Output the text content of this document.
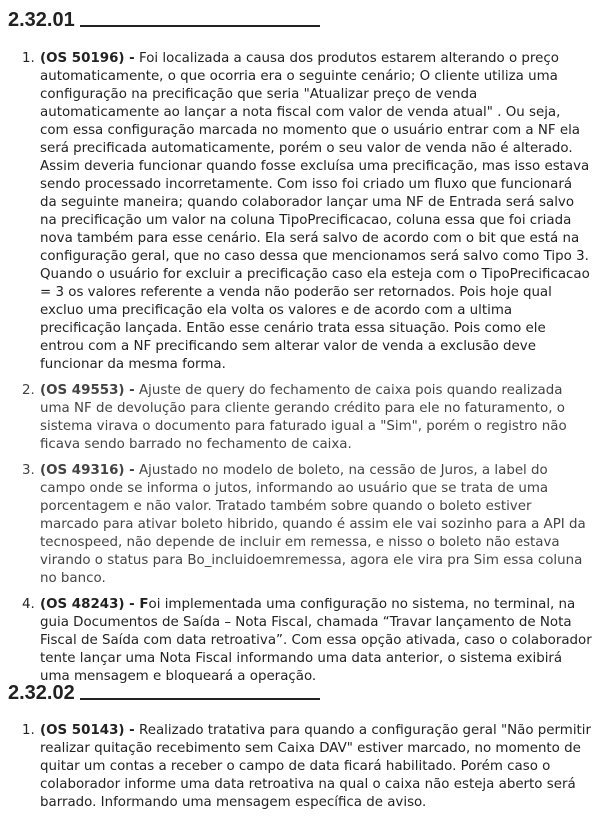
2.32.01
1. (OS 50196) - Foi localizada a causa dos produtos estarem alterando o preço automaticamente, o que ocorria era o seguinte cenário; O cliente utiliza uma configuração na precificação que seria "Atualizar preço de venda automaticamente ao lançar a nota fiscal com valor de venda atual" . Ou seja, com essa configuração marcada no momento que o usuário entrar com a NF ela será precificada automaticamente, porém o seu valor de venda não é alterado. Assim deveria funcionar quando fosse excluísa uma precificação, mas isso estava sendo processado incorretamente. Com isso foi criado um fluxo que funcionará da seguinte maneira; quando colaborador lançar uma NF de Entrada será salvo na precificação um valor na coluna TipoPrecificacao, coluna essa que foi criada nova também para esse cenário. Ela será salvo de acordo com o bit que está na configuração geral, que no caso dessa que mencionamos será salvo como Tipo 3. Quando o usuário for excluir a precificação caso ela esteja com o TipoPrecificacao = 3 os valores referente a venda não poderão ser retornados. Pois hoje qual excluo uma precificação ela volta os valores e de acordo com a ultima precificação lançada. Então esse cenário trata essa situação. Pois como ele entrou com a NF precificando sem alterar valor de venda a exclusão deve funcionar da mesma forma.
2. (OS 49553) - Ajuste de query do fechamento de caixa pois quando realizada uma NF de devolução para cliente gerando crédito para ele no faturamento, o sistema virava o documento para faturado igual a "Sim", porém o registro não ficava sendo barrado no fechamento de caixa.
3. (OS 49316) - Ajustado no modelo de boleto, na cessão de Juros, a label do campo onde se informa o jutos, informando ao usuário que se trata de uma porcentagem e não valor. Tratado também sobre quando o boleto estiver marcado para ativar boleto hibrido, quando é assim ele vai sozinho para a API da tecnospeed, não depende de incluir em remessa, e nisso o boleto não estava virando o status para Bo_incluidoemremessa, agora ele vira pra Sim essa coluna no banco.
4. (OS 48243) - Foi implementada uma configuração no sistema, no terminal, na guia Documentos de Saída – Nota Fiscal, chamada “Travar lançamento de Nota Fiscal de Saída com data retroativa”. Com essa opção ativada, caso o colaborador tente lançar uma Nota Fiscal informando uma data anterior, o sistema exibirá uma mensagem e bloqueará a operação.
2.32.02
1. (OS 50143) - Realizado tratativa para quando a configuração geral "Não permitir realizar quitação recebimento sem Caixa DAV" estiver marcado, no momento de quitar um contas a receber o campo de data ficará habilitado. Porém caso o colaborador informe uma data retroativa na qual o caixa não esteja aberto será barrado. Informando uma mensagem específica de aviso.
